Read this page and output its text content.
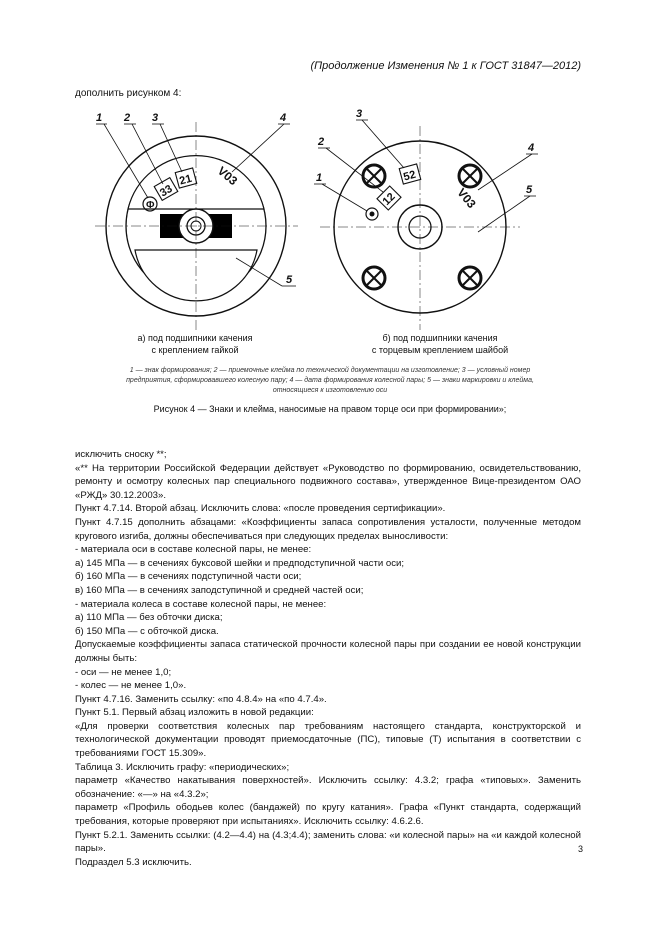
(Продолжение Изменения № 1 к ГОСТ 31847—2012)
дополнить рисунком 4:
Ф
33
21 V03
1 2 3	4
5
12
52
V03
1
2
3
4
5
а) под подшипники качения
с креплением гайкой
б) под подшипники качения
с торцевым креплением шайбой
1 — знак формирования; 2 — приемочные клейма по технической документации на изготовление; 3 — условный номер
предприятия, сформировавшего колесную пару; 4 — дата формирования колесной пары; 5 — знаки маркировки и клейма,
относящиеся к изготовлению оси
Рисунок 4 — Знаки и клейма, наносимые на правом торце оси при формировании»;

исключить сноску **;

«** На территории Российской Федерации действует «Руководство по формированию, освидетельствованию, ремонту и осмотру колесных пар специального подвижного состава», утвержденное Вице-президентом ОАО «РЖД» 30.12.2003».

Пункт 4.7.14. Второй абзац. Исключить слова: «после проведения сертификации».

Пункт 4.7.15 дополнить абзацами: «Коэффициенты запаса сопротивления усталости, полученные методом кругового изгиба, должны обеспечиваться при следующих пределах выносливости:

- материала оси в составе колесной пары, не менее:

а) 145 МПа — в сечениях буксовой шейки и предподступичной части оси;

б) 160 МПа — в сечениях подступичной части оси;

в) 160 МПа — в сечениях заподступичной и средней частей оси;

- материала колеса в составе колесной пары, не менее:

а) 110 МПа — без обточки диска;

б) 150 МПа — с обточкой диска.

Допускаемые коэффициенты запаса статической прочности колесной пары при создании ее новой конструкции должны быть:

- оси — не менее 1,0;

- колес — не менее 1,0».

Пункт 4.7.16. Заменить ссылку: «по 4.8.4» на «по 4.7.4».

Пункт 5.1. Первый абзац изложить в новой редакции:

«Для проверки соответствия колесных пар требованиям настоящего стандарта, конструкторской и технологической документации проводят приемосдаточные (ПС), типовые (Т) испытания в соответствии с требованиями ГОСТ 15.309».

Таблица 3. Исключить графу: «периодических»;

параметр «Качество накатывания поверхностей». Исключить ссылку: 4.3.2; графа «типовых». Заменить обозначение: «—» на «4.3.2»;

параметр «Профиль ободьев колес (бандажей) по кругу катания». Графа «Пункт стандарта, содержащий требования, которые проверяют при испытаниях». Исключить ссылку: 4.6.2.6.

Пункт 5.2.1. Заменить ссылки: (4.2—4.4) на (4.3;4.4); заменить слова: «и колесной пары» на «и каждой колесной пары».

Подраздел 5.3 исключить.

3
